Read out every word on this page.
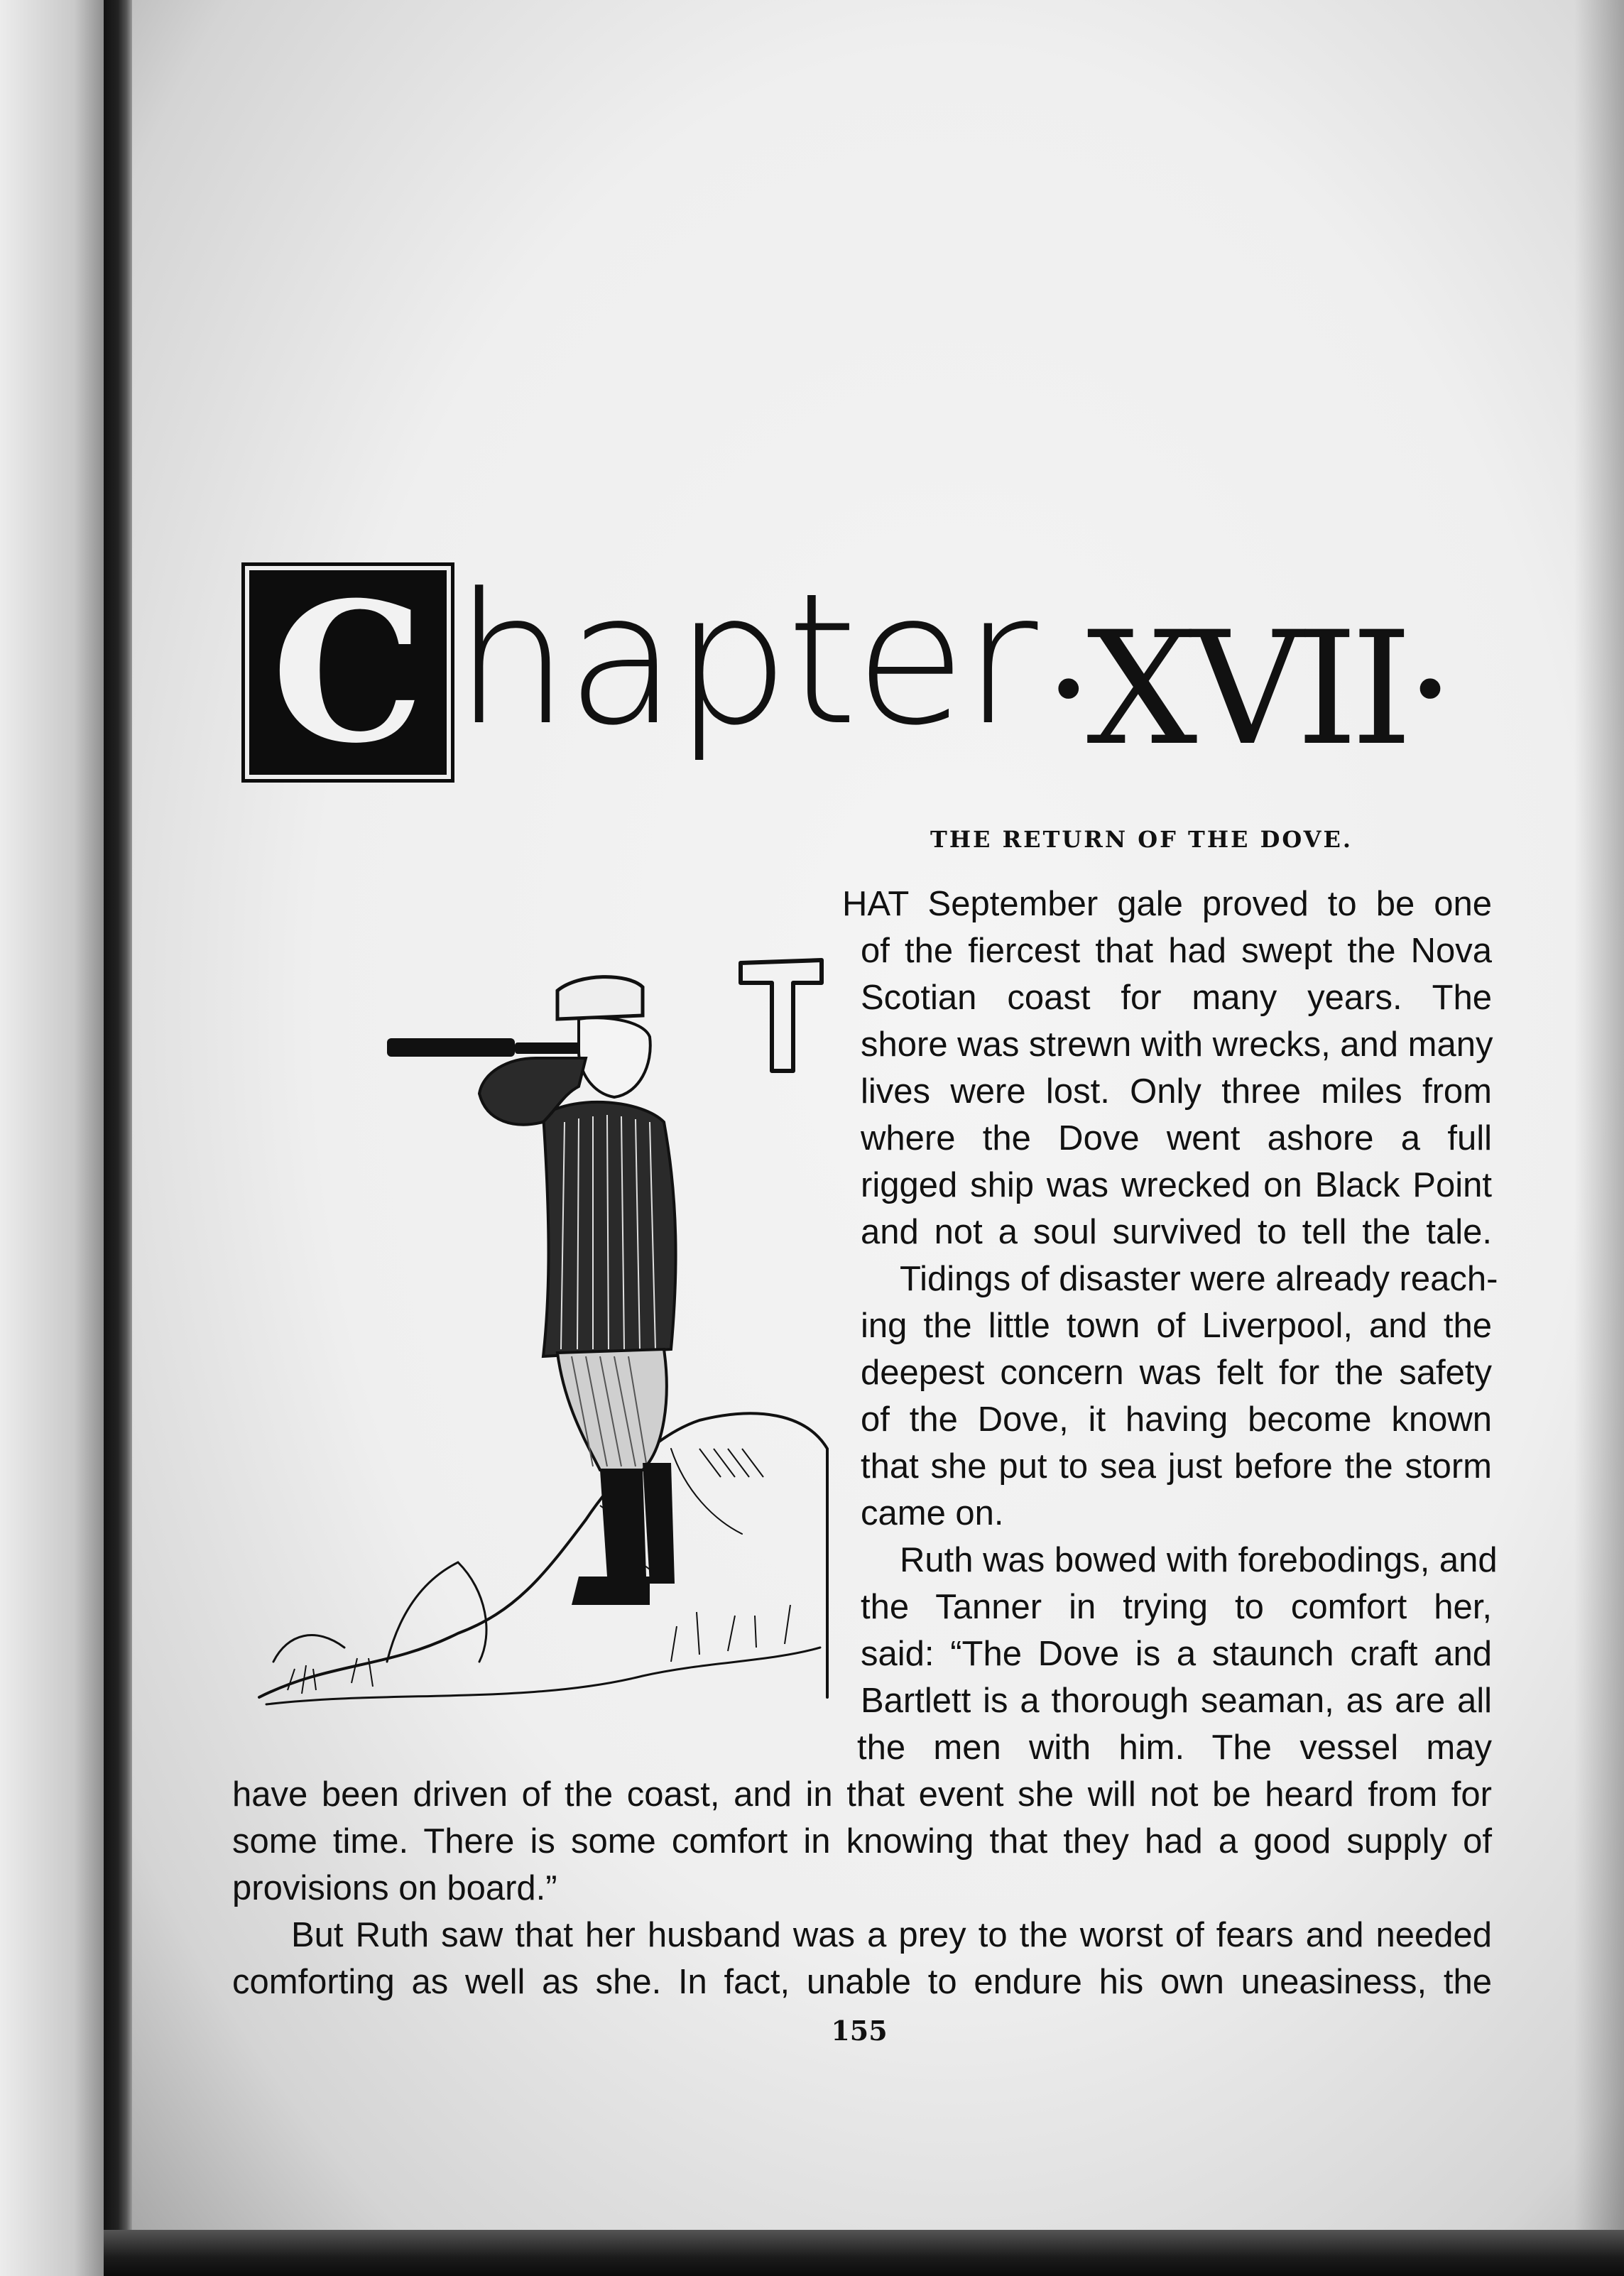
C hapter ·XVII·
THE RETURN OF THE DOVE.
T

HAT September gale proved to be one

of the fiercest that had swept the Nova

Scotian coast for many years. The

shore was strewn with wrecks, and many

lives were lost. Only three miles from

where the Dove went ashore a full

rigged ship was wrecked on Black Point

and not a soul survived to tell the tale.

Tidings of disaster were already reach-

ing the little town of Liverpool, and the

deepest concern was felt for the safety

of the Dove, it having become known

that she put to sea just before the storm

came on.

Ruth was bowed with forebodings, and

the Tanner in trying to comfort her,

said: “The Dove is a staunch craft and

Bartlett is a thorough seaman, as are all

the men with him. The vessel may

have been driven of the coast, and in that event she will not be heard from for

some time. There is some comfort in knowing that they had a good supply of

provisions on board.”

But Ruth saw that her husband was a prey to the worst of fears and needed

comforting as well as she. In fact, unable to endure his own uneasiness, the

155
